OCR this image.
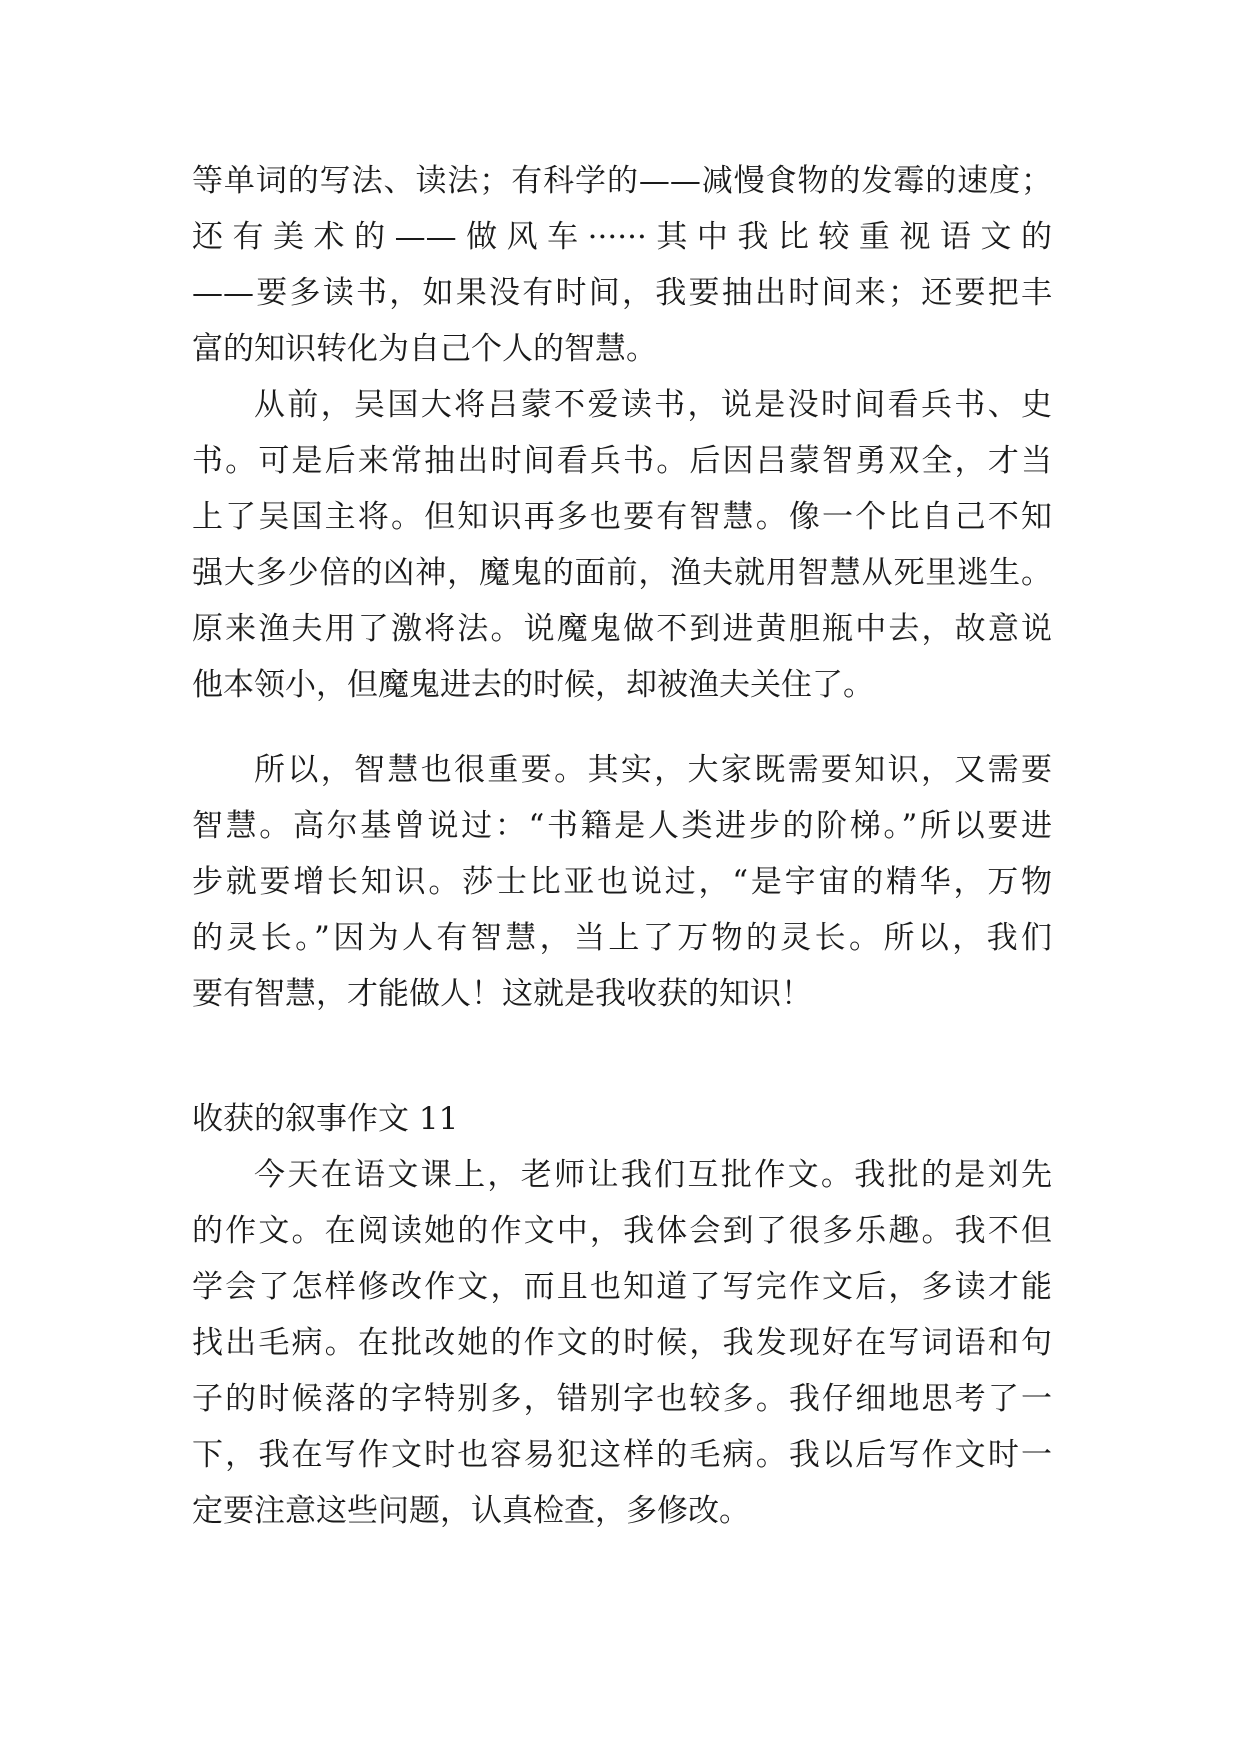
等单词的写法、读法；有科学的——减慢食物的发霉的速度；
还有美术的——做风车······其中我比较重视语文的
——要多读书，如果没有时间，我要抽出时间来；还要把丰
富的知识转化为自己个人的智慧。
从前，吴国大将吕蒙不爱读书，说是没时间看兵书、史
书。可是后来常抽出时间看兵书。后因吕蒙智勇双全，才当
上了吴国主将。但知识再多也要有智慧。像一个比自己不知
强大多少倍的凶神，魔鬼的面前，渔夫就用智慧从死里逃生。
原来渔夫用了激将法。说魔鬼做不到进黄胆瓶中去，故意说
他本领小，但魔鬼进去的时候，却被渔夫关住了。
所以，智慧也很重要。其实，大家既需要知识，又需要
智慧。高尔基曾说过：“书籍是人类进步的阶梯。”所以要进
步就要增长知识。莎士比亚也说过，“是宇宙的精华，万物
的灵长。”因为人有智慧，当上了万物的灵长。所以，我们
要有智慧，才能做人！这就是我收获的知识！
收获的叙事作文 11
今天在语文课上，老师让我们互批作文。我批的是刘先
的作文。在阅读她的作文中，我体会到了很多乐趣。我不但
学会了怎样修改作文，而且也知道了写完作文后，多读才能
找出毛病。在批改她的作文的时候，我发现好在写词语和句
子的时候落的字特别多，错别字也较多。我仔细地思考了一
下，我在写作文时也容易犯这样的毛病。我以后写作文时一
定要注意这些问题，认真检查，多修改。
